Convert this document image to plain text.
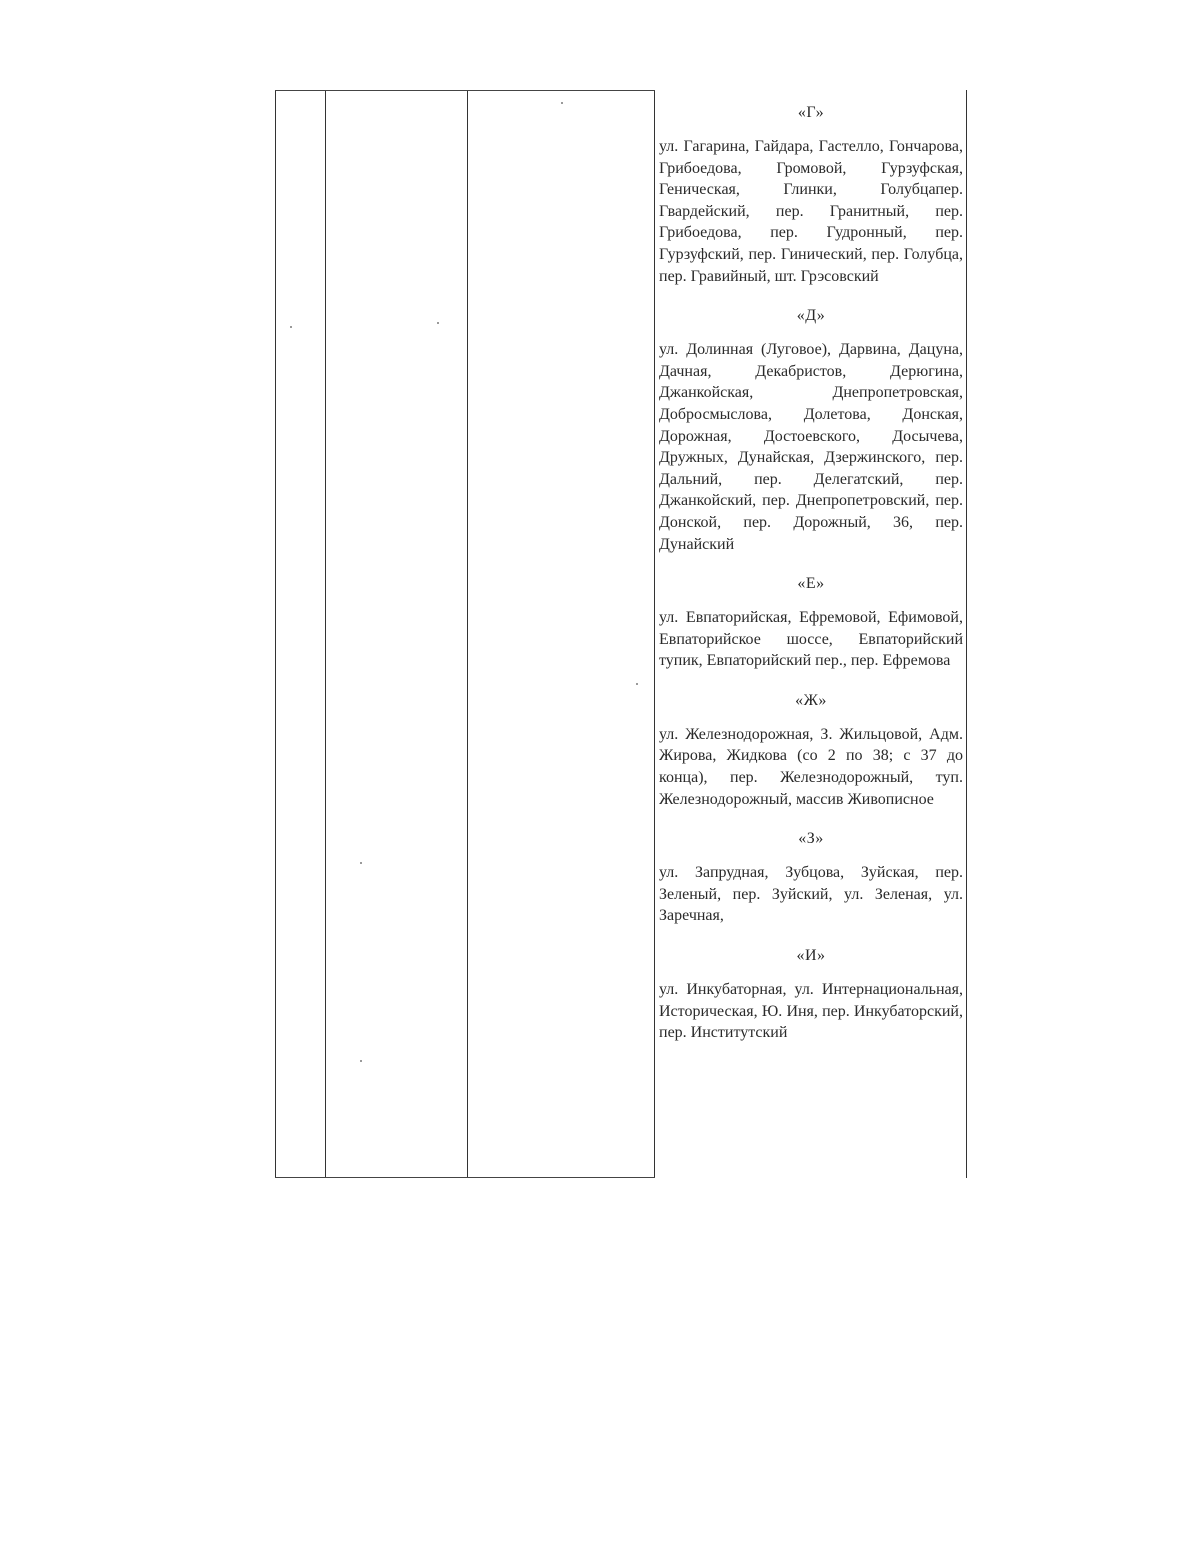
«Г»

ул. Гагарина, Гайдара, Гастелло, Гончарова, Грибоедова, Громовой, Гурзуфская, Геническая, Глинки, Голубцапер. Гвардейский, пер. Гранитный, пер. Грибоедова, пер. Гудронный, пер. Гурзуфский, пер. Гинический, пер. Голубца, пер. Гравийный, шт. Грэсовский

«Д»

ул. Долинная (Луговое), Дарвина, Дацуна, Дачная, Декабристов, Дерюгина, Джанкойская, Днепропетровская, Добросмыслова, Долетова, Донская, Дорожная, Достоевского, Досычева, Дружных, Дунайская, Дзержинского, пер. Дальний, пер. Делегатский, пер. Джанкойский, пер. Днепропетровский, пер. Донской, пер. Дорожный, 36, пер. Дунайский

«Е»

ул. Евпаторийская, Ефремовой, Ефимовой, Евпаторийское шоссе, Евпаторийский тупик, Евпаторийский пер., пер. Ефремова

«Ж»

ул. Железнодорожная, З. Жильцовой, Адм. Жирова, Жидкова (со 2 по 38; с 37 до конца), пер. Железнодорожный, туп. Железнодорожный, массив Живописное

«З»

ул. Запрудная, Зубцова, Зуйская, пер. Зеленый, пер. Зуйский, ул. Зеленая, ул. Заречная,

«И»

ул. Инкубаторная, ул. Интернациональная, Историческая, Ю. Иня, пер. Инкубаторский, пер. Институтский
